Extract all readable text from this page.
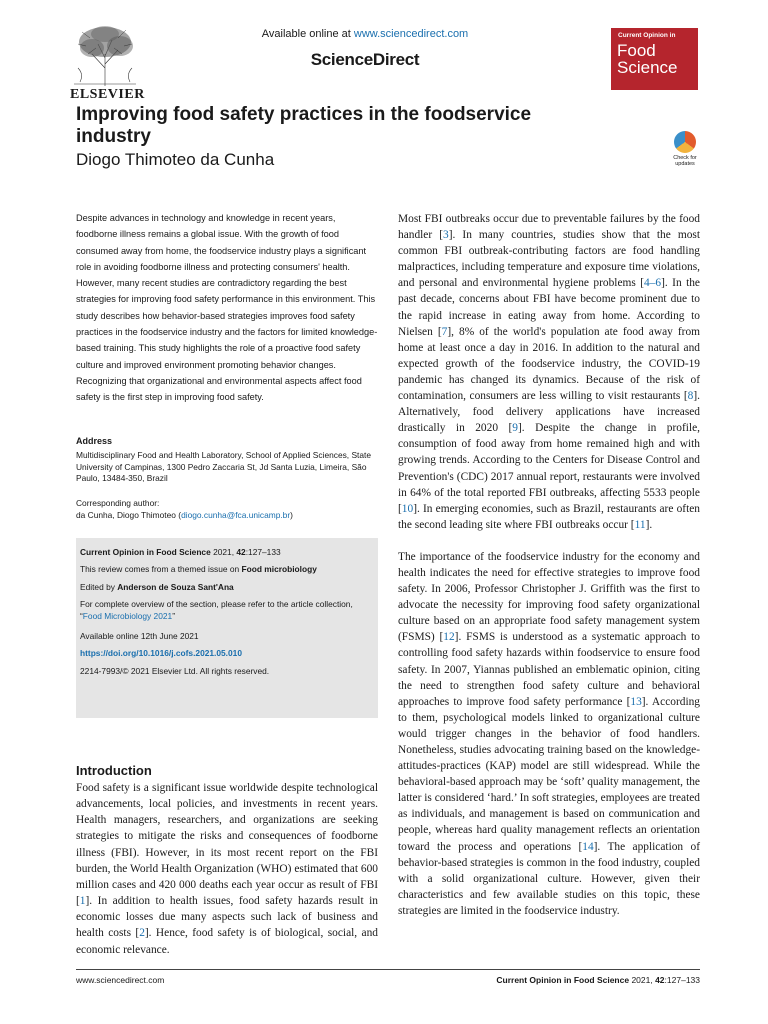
ELSEVIER
Available online at www.sciencedirect.com
ScienceDirect
Current Opinion in
Food
Science
Improving food safety practices in the foodservice industry
Diogo Thimoteo da Cunha	Check for updates
Despite advances in technology and knowledge in recent years, foodborne illness remains a global issue. With the growth of food consumed away from home, the foodservice industry plays a significant role in avoiding foodborne illness and protecting consumers' health. However, many recent studies are contradictory regarding the best strategies for improving food safety performance in this environment. This study describes how behavior-based strategies improves food safety practices in the foodservice industry and the factors for limited knowledge-based training. This study highlights the role of a proactive food safety culture and improved environment promoting behavior changes. Recognizing that organizational and environmental aspects affect food safety is the first step in improving food safety.
Address
Multidisciplinary Food and Health Laboratory, School of Applied Sciences, State University of Campinas, 1300 Pedro Zaccaria St, Jd Santa Luzia, Limeira, São Paulo, 13484-350, Brazil
Corresponding author:
da Cunha, Diogo Thimoteo (diogo.cunha@fca.unicamp.br)
Current Opinion in Food Science 2021, 42:127–133
This review comes from a themed issue on Food microbiology
Edited by Anderson de Souza Sant'Ana
For complete overview of the section, please refer to the article collection, “Food Microbiology 2021”
Available online 12th June 2021
https://doi.org/10.1016/j.cofs.2021.05.010
2214-7993/© 2021 Elsevier Ltd. All rights reserved.
Introduction
Food safety is a significant issue worldwide despite technological advancements, local policies, and investments in recent years. Health managers, researchers, and organizations are seeking strategies to mitigate the risks and consequences of foodborne illness (FBI). However, in its most recent report on the FBI burden, the World Health Organization (WHO) estimated that 600 million cases and 420 000 deaths each year occur as result of FBI [1]. In addition to health issues, food safety hazards result in economic losses due many aspects such lack of business and health costs [2]. Hence, food safety is of biological, social, and economic relevance.

Most FBI outbreaks occur due to preventable failures by the food handler [3]. In many countries, studies show that the most common FBI outbreak-contributing factors are food handling malpractices, including temperature and exposure time violations, and personal and environmental hygiene problems [4–6]. In the past decade, concerns about FBI have become prominent due to the rapid increase in eating away from home. According to Nielsen [7], 8% of the world's population ate food away from home at least once a day in 2016. In addition to the natural and expected growth of the foodservice industry, the COVID-19 pandemic has changed its dynamics. Because of the risk of contamination, consumers are less willing to visit restaurants [8]. Alternatively, food delivery applications have increased drastically in 2020 [9]. Despite the change in profile, consumption of food away from home remained high and with growing trends. According to the Centers for Disease Control and Prevention's (CDC) 2017 annual report, restaurants were involved in 64% of the total reported FBI outbreaks, affecting 5533 people [10]. In emerging economies, such as Brazil, restaurants are often the second leading site where FBI outbreaks occur [11].

The importance of the foodservice industry for the economy and health indicates the need for effective strategies to improve food safety. In 2006, Professor Christopher J. Griffith was the first to advocate the necessity for improving food safety organizational culture based on an appropriate food safety management system (FSMS) [12]. FSMS is understood as a systematic approach to controlling food safety hazards within foodservice to ensure food safety. In 2007, Yiannas published an emblematic opinion, citing the need to strengthen food safety culture and behavioral approaches to improve food safety performance [13]. According to them, psychological models linked to organizational culture would trigger changes in the behavior of food handlers. Nonetheless, studies advocating training based on the knowledge-attitudes-practices (KAP) model are still widespread. While the behavioral-based approach may be ‘soft’ quality management, the latter is considered ‘hard.’ In soft strategies, employees are treated as individuals, and management is based on communication and people, whereas hard quality management reflects an orientation toward the process and operations [14]. The application of behavior-based strategies is common in the food industry, coupled with a solid organizational culture. However, given their characteristics and few available studies on this topic, these strategies are limited in the foodservice industry.

www.sciencedirect.com	Current Opinion in Food Science 2021, 42:127–133
